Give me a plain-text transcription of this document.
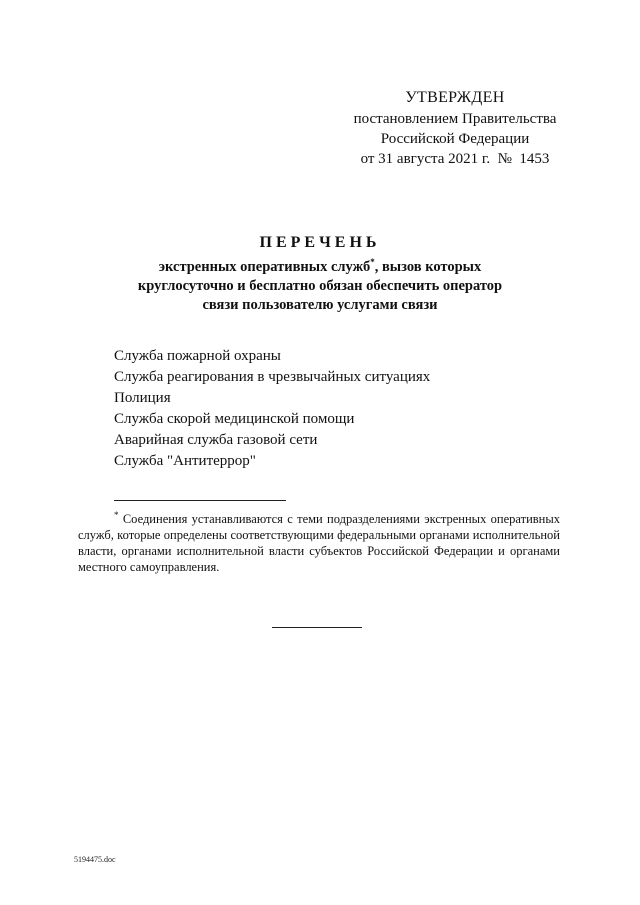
УТВЕРЖДЕН
постановлением Правительства
Российской Федерации
от 31 августа 2021 г.  №  1453
ПЕРЕЧЕНЬ
экстренных оперативных служб*, вызов которых
круглосуточно и бесплатно обязан обеспечить оператор
связи пользователю услугами связи
Служба пожарной охраны
Служба реагирования в чрезвычайных ситуациях
Полиция
Служба скорой медицинской помощи
Аварийная служба газовой сети
Служба "Антитеррор"
* Соединения устанавливаются с теми подразделениями экстренных оперативных служб, которые определены соответствующими федеральными органами исполнительной власти, органами исполнительной власти субъектов Российской Федерации и органами местного самоуправления.
5194475.doc
